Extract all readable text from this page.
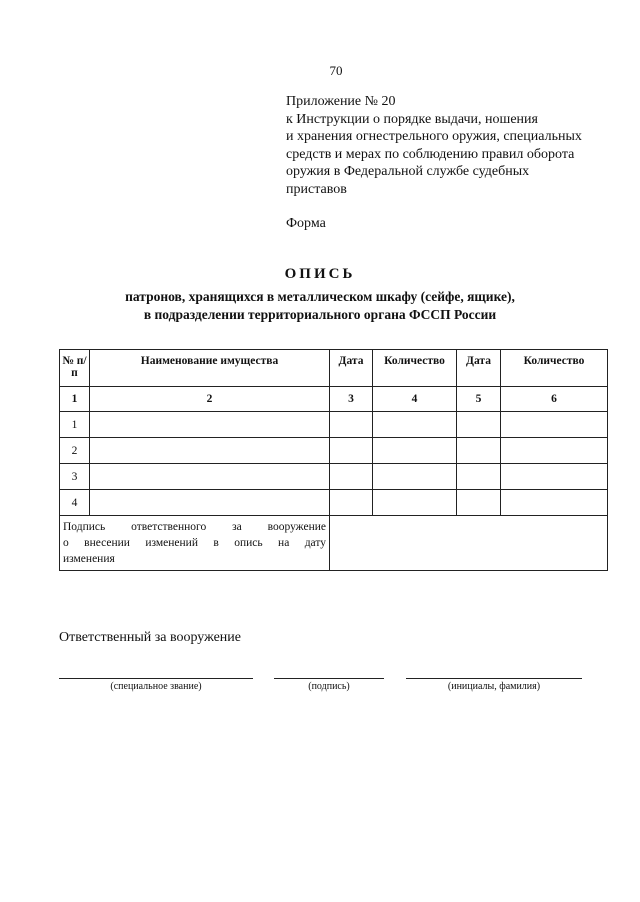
70
Приложение № 20
к Инструкции о порядке выдачи, ношения
и хранения огнестрельного оружия, специальных
средств и мерах по соблюдению правил оборота
оружия в Федеральной службе судебных
приставов
Форма
ОПИСЬ
патронов, хранящихся в металлическом шкафу (сейфе, ящике),
в подразделении территориального органа ФССП России
№ п/п	Наименование имущества	Дата	Количество	Дата	Количество
1	2	3	4	5	6
1					
2					
3					
4					

Подпись ответственного за вооружение
о внесении изменений в опись на дату
изменения					

Ответственный за вооружение
(специальное звание)	(подпись)	(инициалы, фамилия)
